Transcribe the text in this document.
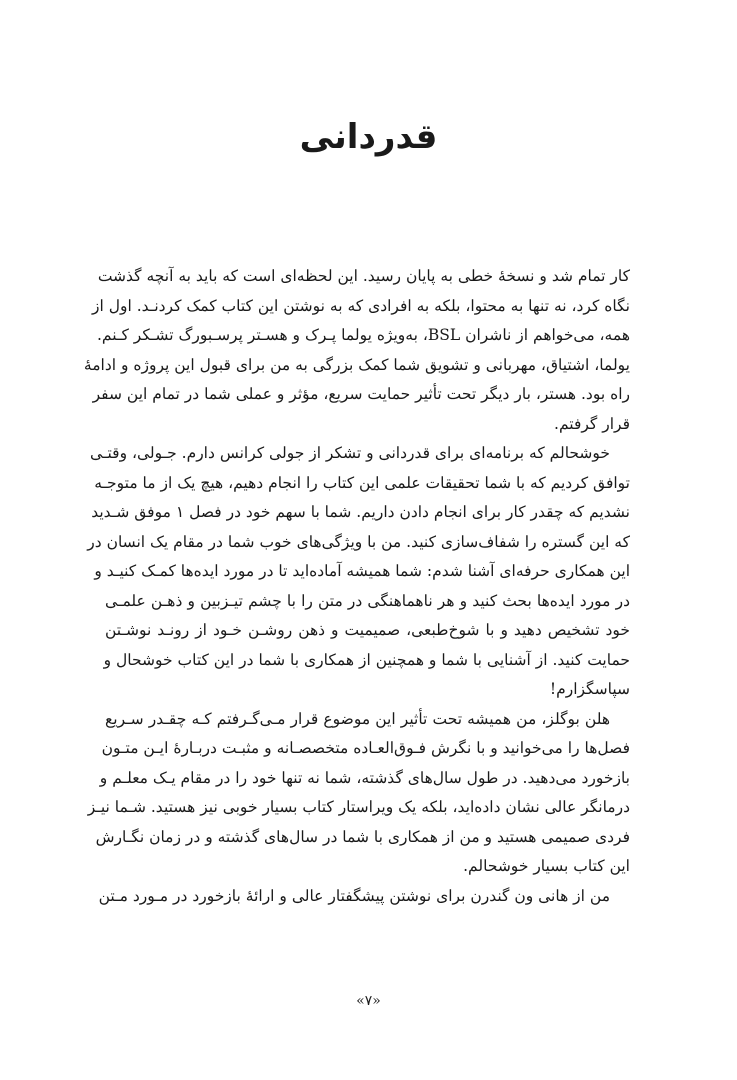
قدردانی
کار تمام شد و نسخهٔ خطی به پایان رسید. این لحظه‌ای است که باید به آنچه گذشت
نگاه کرد، نه تنها به محتوا، بلکه به افرادی که به نوشتن این کتاب کمک کردنـد. اول از
همه، می‌خواهم از ناشران BSL، به‌ویژه یولما پـرک و هسـتر پرسـبورگ تشـکر کـنم.
یولما، اشتیاق، مهربانی و تشویق شما کمک بزرگی به من برای قبول این پروژه و ادامهٔ
راه بود. هستر، بار دیگر تحت تأثیر حمایت سریع، مؤثر و عملی شما در تمام این سفر
قرار گرفتم.
خوشحالم که برنامه‌ای برای قدردانی و تشکر از جولی کرانس دارم. جـولی، وقتـی
توافق کردیم که با شما تحقیقات علمی این کتاب را انجام دهیم، هیچ یک از ما متوجـه
نشدیم که چقدر کار برای انجام دادن داریم. شما با سهم خود در فصل ۱ موفق شـدید
که این گستره را شفاف‌سازی کنید. من با ویژگی‌های خوب شما در مقام یک انسان در
این همکاری حرفه‌ای آشنا شدم: شما همیشه آماده‌اید تا در مورد ایده‌ها کمـک کنیـد و
در مورد ایده‌ها بحث کنید و هر ناهماهنگی در متن را با چشم تیـزبین و ذهـن علمـی
خود تشخیص دهید و با شوخ‌طبعی، صمیمیت و ذهن روشـن خـود از رونـد نوشـتن
حمایت کنید. از آشنایی با شما و همچنین از همکاری با شما در این کتاب خوشحال و
سپاسگزارم!
هلن بوگلز، من همیشه تحت تأثیر این موضوع قرار مـی‌گـرفتم کـه چقـدر سـریع
فصل‌ها را می‌خوانید و با نگرش فـوق‌العـاده متخصصـانه و مثبـت دربـارهٔ ایـن متـون
بازخورد می‌دهید. در طول سال‌های گذشته، شما نه تنها خود را در مقام یـک معلـم و
درمانگر عالی نشان داده‌اید، بلکه یک ویراستار کتاب بسیار خوبی نیز هستید. شـما نیـز
فردی صمیمی هستید و من از همکاری با شما در سال‌های گذشته و در زمان نگـارش
این کتاب بسیار خوشحالم.
من از هانی ون گندرن برای نوشتن پیشگفتار عالی و ارائهٔ بازخورد در مـورد مـتن
«۷»
